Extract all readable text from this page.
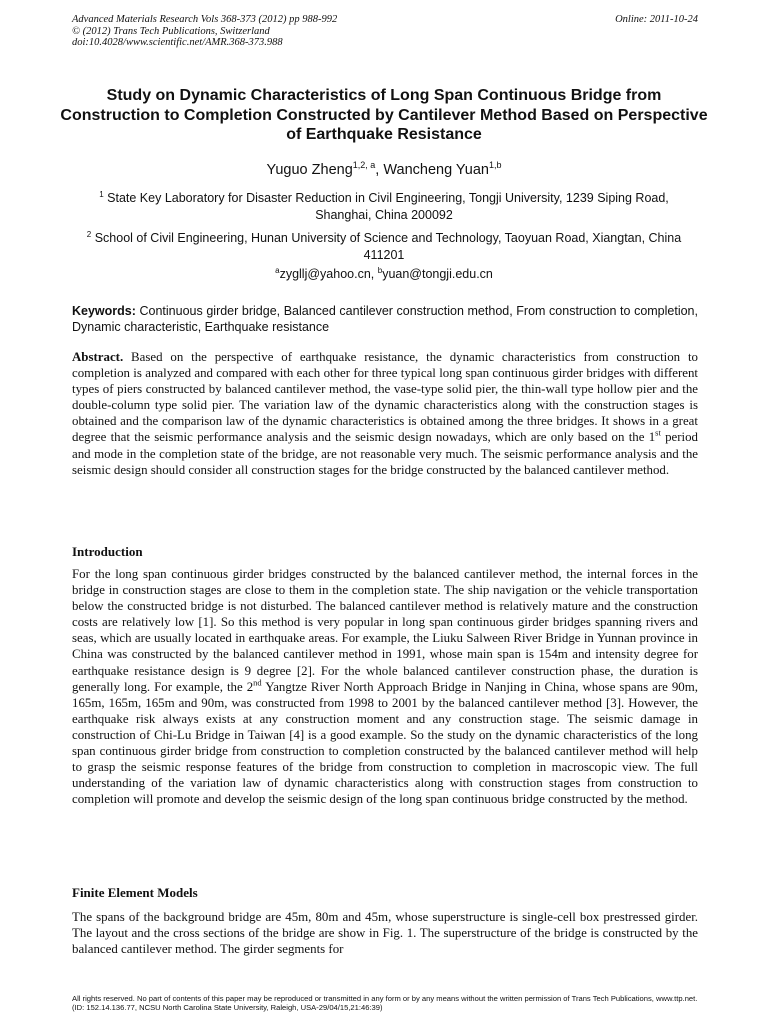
Advanced Materials Research Vols 368-373 (2012) pp 988-992
© (2012) Trans Tech Publications, Switzerland
doi:10.4028/www.scientific.net/AMR.368-373.988
Online: 2011-10-24
Study on Dynamic Characteristics of Long Span Continuous Bridge from Construction to Completion Constructed by Cantilever Method Based on Perspective of Earthquake Resistance
Yuguo Zheng$^{1,2, a}$, Wancheng Yuan$^{1,b}$
$^1$ State Key Laboratory for Disaster Reduction in Civil Engineering, Tongji University, 1239 Siping Road, Shanghai, China 200092
$^2$ School of Civil Engineering, Hunan University of Science and Technology, Taoyuan Road, Xiangtan, China 411201
$^a$zygllj@yahoo.cn, $^b$yuan@tongji.edu.cn
Keywords: Continuous girder bridge, Balanced cantilever construction method, From construction to completion, Dynamic characteristic, Earthquake resistance
Abstract. Based on the perspective of earthquake resistance, the dynamic characteristics from construction to completion is analyzed and compared with each other for three typical long span continuous girder bridges with different types of piers constructed by balanced cantilever method, the vase-type solid pier, the thin-wall type hollow pier and the double-column type solid pier. The variation law of the dynamic characteristics along with the construction stages is obtained and the comparison law of the dynamic characteristics is obtained among the three bridges. It shows in a great degree that the seismic performance analysis and the seismic design nowadays, which are only based on the 1st period and mode in the completion state of the bridge, are not reasonable very much. The seismic performance analysis and the seismic design should consider all construction stages for the bridge constructed by the balanced cantilever method.
Introduction
For the long span continuous girder bridges constructed by the balanced cantilever method, the internal forces in the bridge in construction stages are close to them in the completion state. The ship navigation or the vehicle transportation below the constructed bridge is not disturbed. The balanced cantilever method is relatively mature and the construction costs are relatively low [1]. So this method is very popular in long span continuous girder bridges spanning rivers and seas, which are usually located in earthquake areas. For example, the Liuku Salween River Bridge in Yunnan province in China was constructed by the balanced cantilever method in 1991, whose main span is 154m and intensity degree for earthquake resistance design is 9 degree [2]. For the whole balanced cantilever construction phase, the duration is generally long. For example, the 2nd Yangtze River North Approach Bridge in Nanjing in China, whose spans are 90m, 165m, 165m, 165m and 90m, was constructed from 1998 to 2001 by the balanced cantilever method [3]. However, the earthquake risk always exists at any construction moment and any construction stage. The seismic damage in construction of Chi-Lu Bridge in Taiwan [4] is a good example. So the study on the dynamic characteristics of the long span continuous girder bridge from construction to completion constructed by the balanced cantilever method will help to grasp the seismic response features of the bridge from construction to completion in macroscopic view. The full understanding of the variation law of dynamic characteristics along with construction stages from construction to completion will promote and develop the seismic design of the long span continuous bridge constructed by the method.
Finite Element Models
The spans of the background bridge are 45m, 80m and 45m, whose superstructure is single-cell box prestressed girder. The layout and the cross sections of the bridge are show in Fig. 1. The superstructure of the bridge is constructed by the balanced cantilever method. The girder segments for
All rights reserved. No part of contents of this paper may be reproduced or transmitted in any form or by any means without the written permission of Trans Tech Publications, www.ttp.net. (ID: 152.14.136.77, NCSU North Carolina State University, Raleigh, USA-29/04/15,21:46:39)
